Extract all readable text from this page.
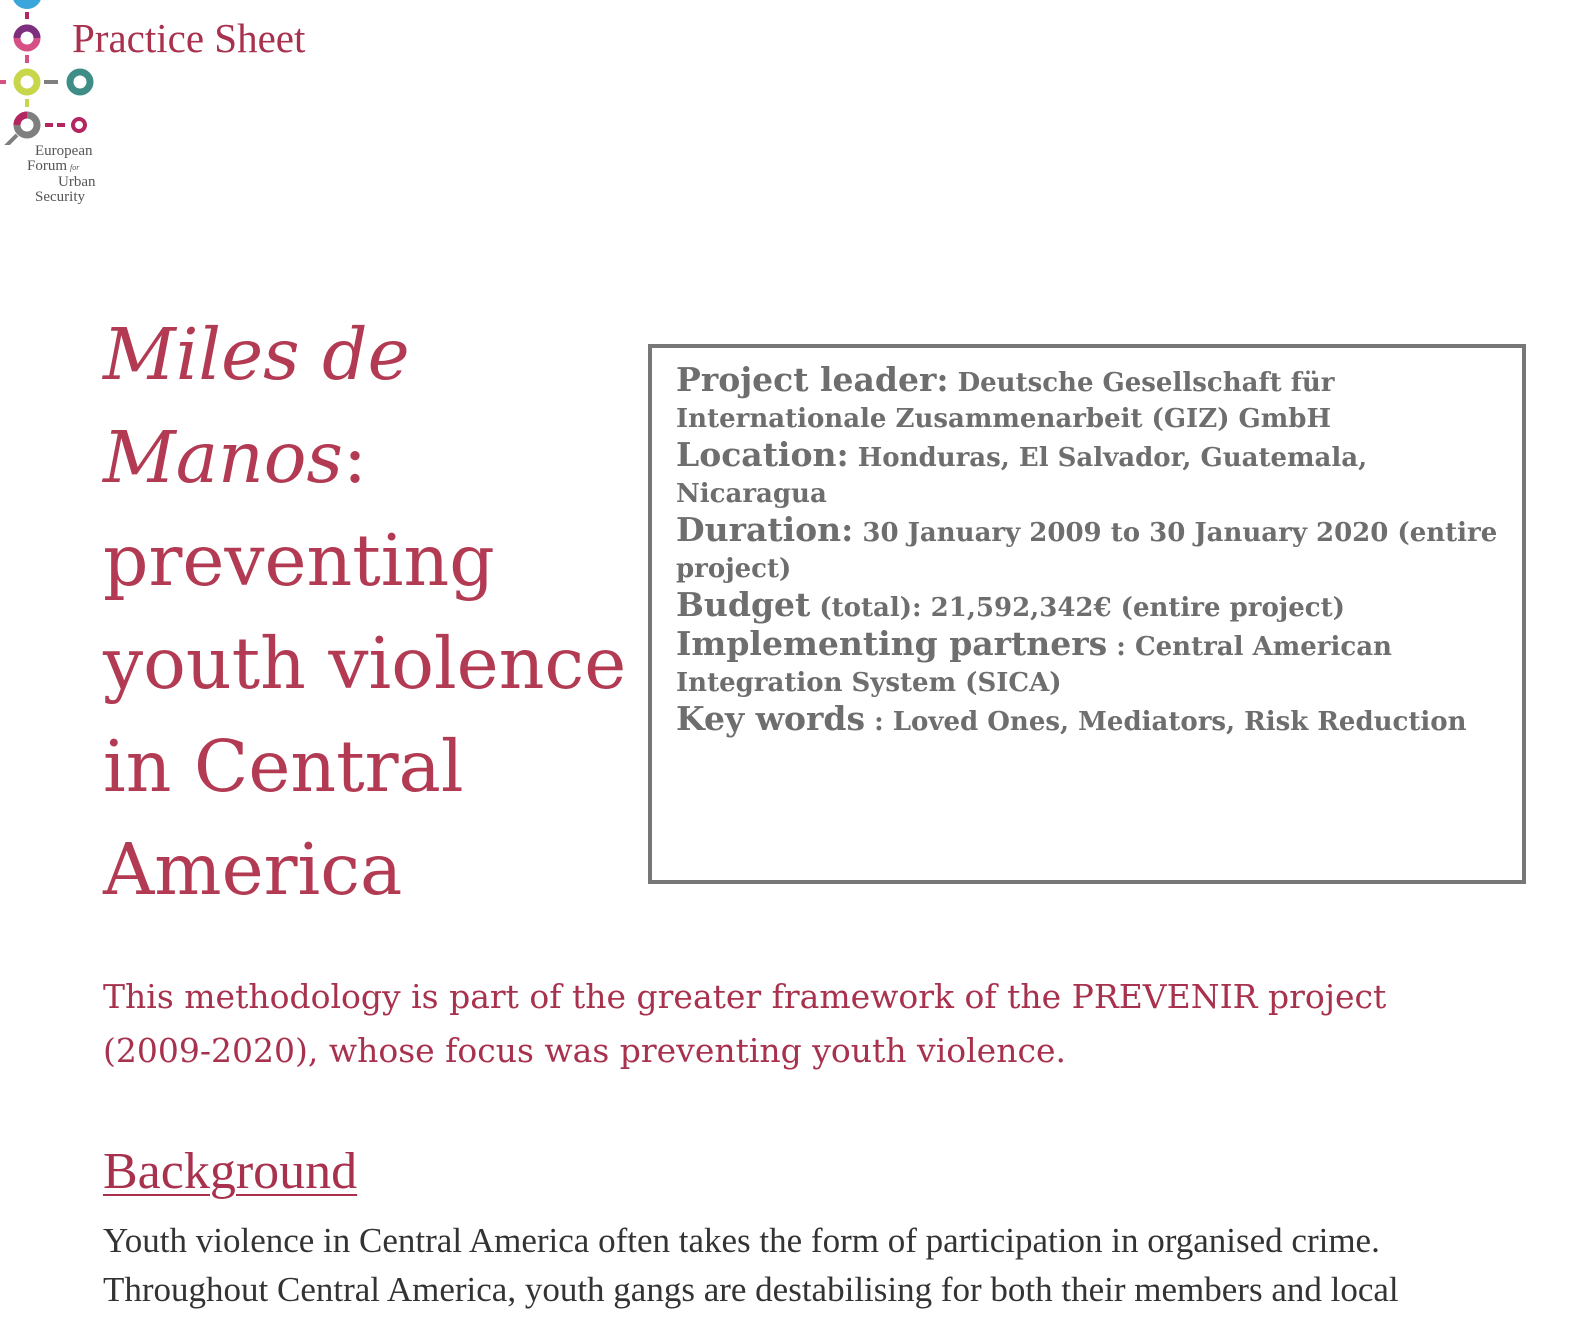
European
Forum for
Urban
Security
Practice Sheet
Miles de
Manos:
preventing
youth violence
in Central
America

Project leader: Deutsche Gesellschaft für Internationale Zusammenarbeit (GIZ) GmbH

Location: Honduras, El Salvador, Guatemala, Nicaragua

Duration: 30 January 2009 to 30 January 2020 (entire project)

Budget (total): 21,592,342€ (entire project)

Implementing partners : Central American Integration System (SICA)

Key words : Loved Ones, Mediators, Risk Reduction

This methodology is part of the greater framework of the PREVENIR project (2009-2020), whose focus was preventing youth violence.

Background

Youth violence in Central America often takes the form of participation in organised crime. Throughout Central America, youth gangs are destabilising for both their members and local
